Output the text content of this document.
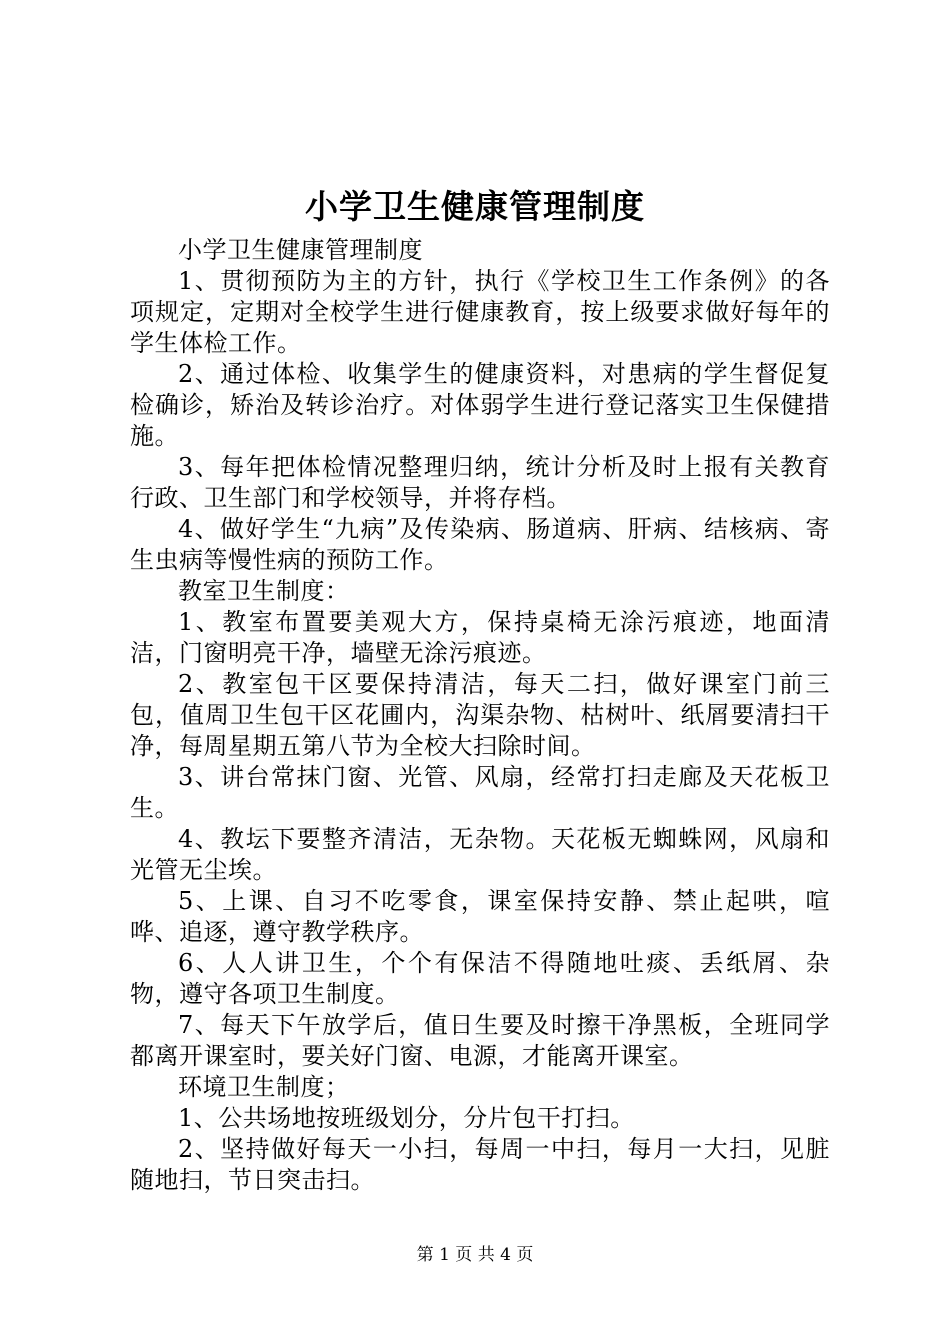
小学卫生健康管理制度

小学卫生健康管理制度

1、贯彻预防为主的方针，执行《学校卫生工作条例》的各项规定，定期对全校学生进行健康教育，按上级要求做好每年的学生体检工作。

2、通过体检、收集学生的健康资料，对患病的学生督促复检确诊，矫治及转诊治疗。对体弱学生进行登记落实卫生保健措施。

3、每年把体检情况整理归纳，统计分析及时上报有关教育行政、卫生部门和学校领导，并将存档。

4、做好学生“九病”及传染病、肠道病、肝病、结核病、寄生虫病等慢性病的预防工作。

教室卫生制度：

1、教室布置要美观大方，保持桌椅无涂污痕迹，地面清洁，门窗明亮干净，墙壁无涂污痕迹。

2、教室包干区要保持清洁，每天二扫，做好课室门前三包，值周卫生包干区花圃内，沟渠杂物、枯树叶、纸屑要清扫干净，每周星期五第八节为全校大扫除时间。

3、讲台常抹门窗、光管、风扇，经常打扫走廊及天花板卫生。

4、教坛下要整齐清洁，无杂物。天花板无蜘蛛网，风扇和光管无尘埃。

5、上课、自习不吃零食，课室保持安静、禁止起哄，喧哗、追逐，遵守教学秩序。

6、人人讲卫生，个个有保洁不得随地吐痰、丢纸屑、杂物，遵守各项卫生制度。

7、每天下午放学后，值日生要及时擦干净黑板，全班同学都离开课室时，要关好门窗、电源，才能离开课室。

环境卫生制度；

1、公共场地按班级划分，分片包干打扫。

2、坚持做好每天一小扫，每周一中扫，每月一大扫，见脏随地扫，节日突击扫。

第 1 页 共 4 页
